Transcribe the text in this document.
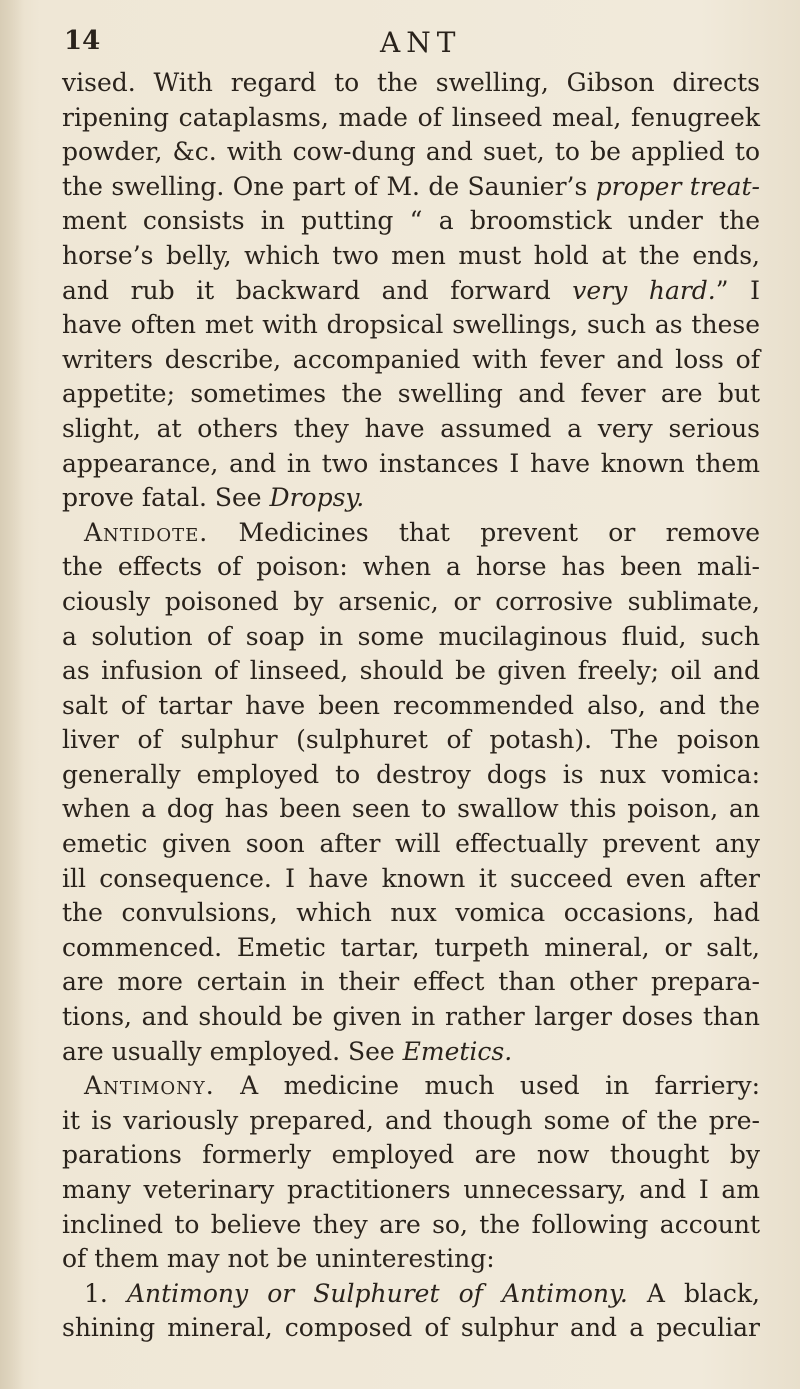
14	ANT
vised. With regard to the swelling, Gibson directs
ripening cataplasms, made of linseed meal, fenugreek
powder, &c. with cow-dung and suet, to be applied to
the swelling. One part of M. de Saunier’s proper treat-
ment consists in putting “ a broomstick under the
horse’s belly, which two men must hold at the ends,
and rub it backward and forward very hard.” I
have often met with dropsical swellings, such as these
writers describe, accompanied with fever and loss of
appetite; sometimes the swelling and fever are but
slight, at others they have assumed a very serious
appearance, and in two instances I have known them
prove fatal. See Dropsy.
Antidote. Medicines that prevent or remove
the effects of poison: when a horse has been mali-
ciously poisoned by arsenic, or corrosive sublimate,
a solution of soap in some mucilaginous fluid, such
as infusion of linseed, should be given freely; oil and
salt of tartar have been recommended also, and the
liver of sulphur (sulphuret of potash). The poison
generally employed to destroy dogs is nux vomica:
when a dog has been seen to swallow this poison, an
emetic given soon after will effectually prevent any
ill consequence. I have known it succeed even after
the convulsions, which nux vomica occasions, had
commenced. Emetic tartar, turpeth mineral, or salt,
are more certain in their effect than other prepara-
tions, and should be given in rather larger doses than
are usually employed. See Emetics.
Antimony. A medicine much used in farriery:
it is variously prepared, and though some of the pre-
parations formerly employed are now thought by
many veterinary practitioners unnecessary, and I am
inclined to believe they are so, the following account
of them may not be uninteresting:
1. Antimony or Sulphuret of Antimony. A black,
shining mineral, composed of sulphur and a peculiar
